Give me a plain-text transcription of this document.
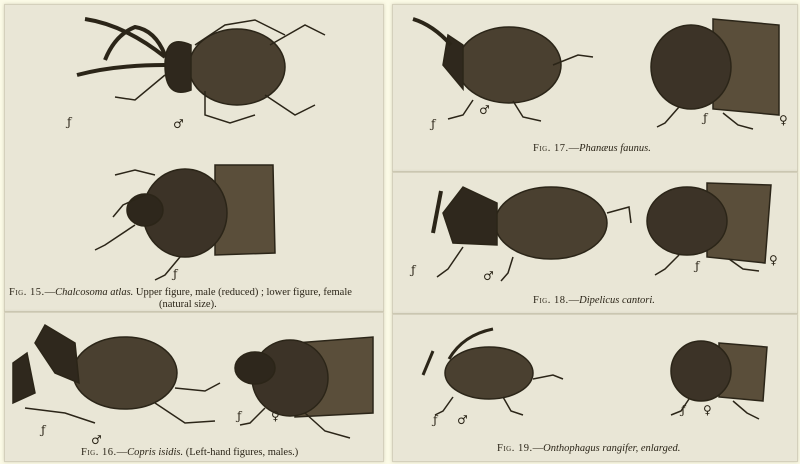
ƒ	♂
ƒ
Fig. 15.—Chalcosoma atlas. Upper figure, male (reduced) ; lower figure, female
(natural size).
ƒ
♂
ƒ ♀
Fig. 16.—Copris isidis. (Left-hand figures, males.)
ƒ
♂
ƒ	♀
Fig. 17.—Phanæus faunus.
ƒ	♂
ƒ	♀
Fig. 18.—Dipelicus cantori.
ƒ ♂
ƒ ♀
Fig. 19.—Onthophagus rangifer, enlarged.
